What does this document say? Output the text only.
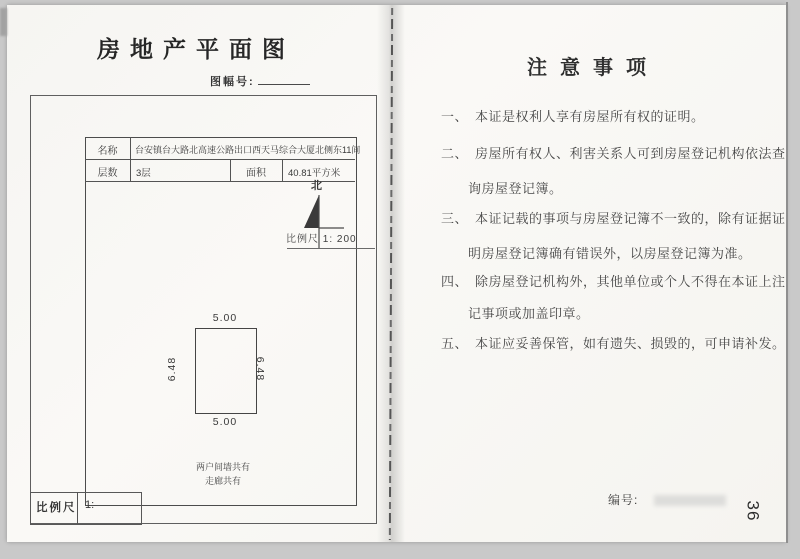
房地产平面图
图幅号:
名称	台安镇台大路北高速公路出口西天马综合大厦北侧东11间
层数	3层	面积	40.81平方米
北
比例尺 1: 200
5.00
5.00
6.48	6.48
两户间墙共有
走廊共有
比例尺 1:
注意事项
一、 本证是权利人享有房屋所有权的证明。
二、 房屋所有权人、利害关系人可到房屋登记机构依法查
询房屋登记簿。
三、 本证记载的事项与房屋登记簿不一致的，除有证据证
明房屋登记簿确有错误外，以房屋登记簿为准。
四、 除房屋登记机构外，其他单位或个人不得在本证上注
记事项或加盖印章。
五、 本证应妥善保管，如有遗失、损毁的，可申请补发。
编号:
36
